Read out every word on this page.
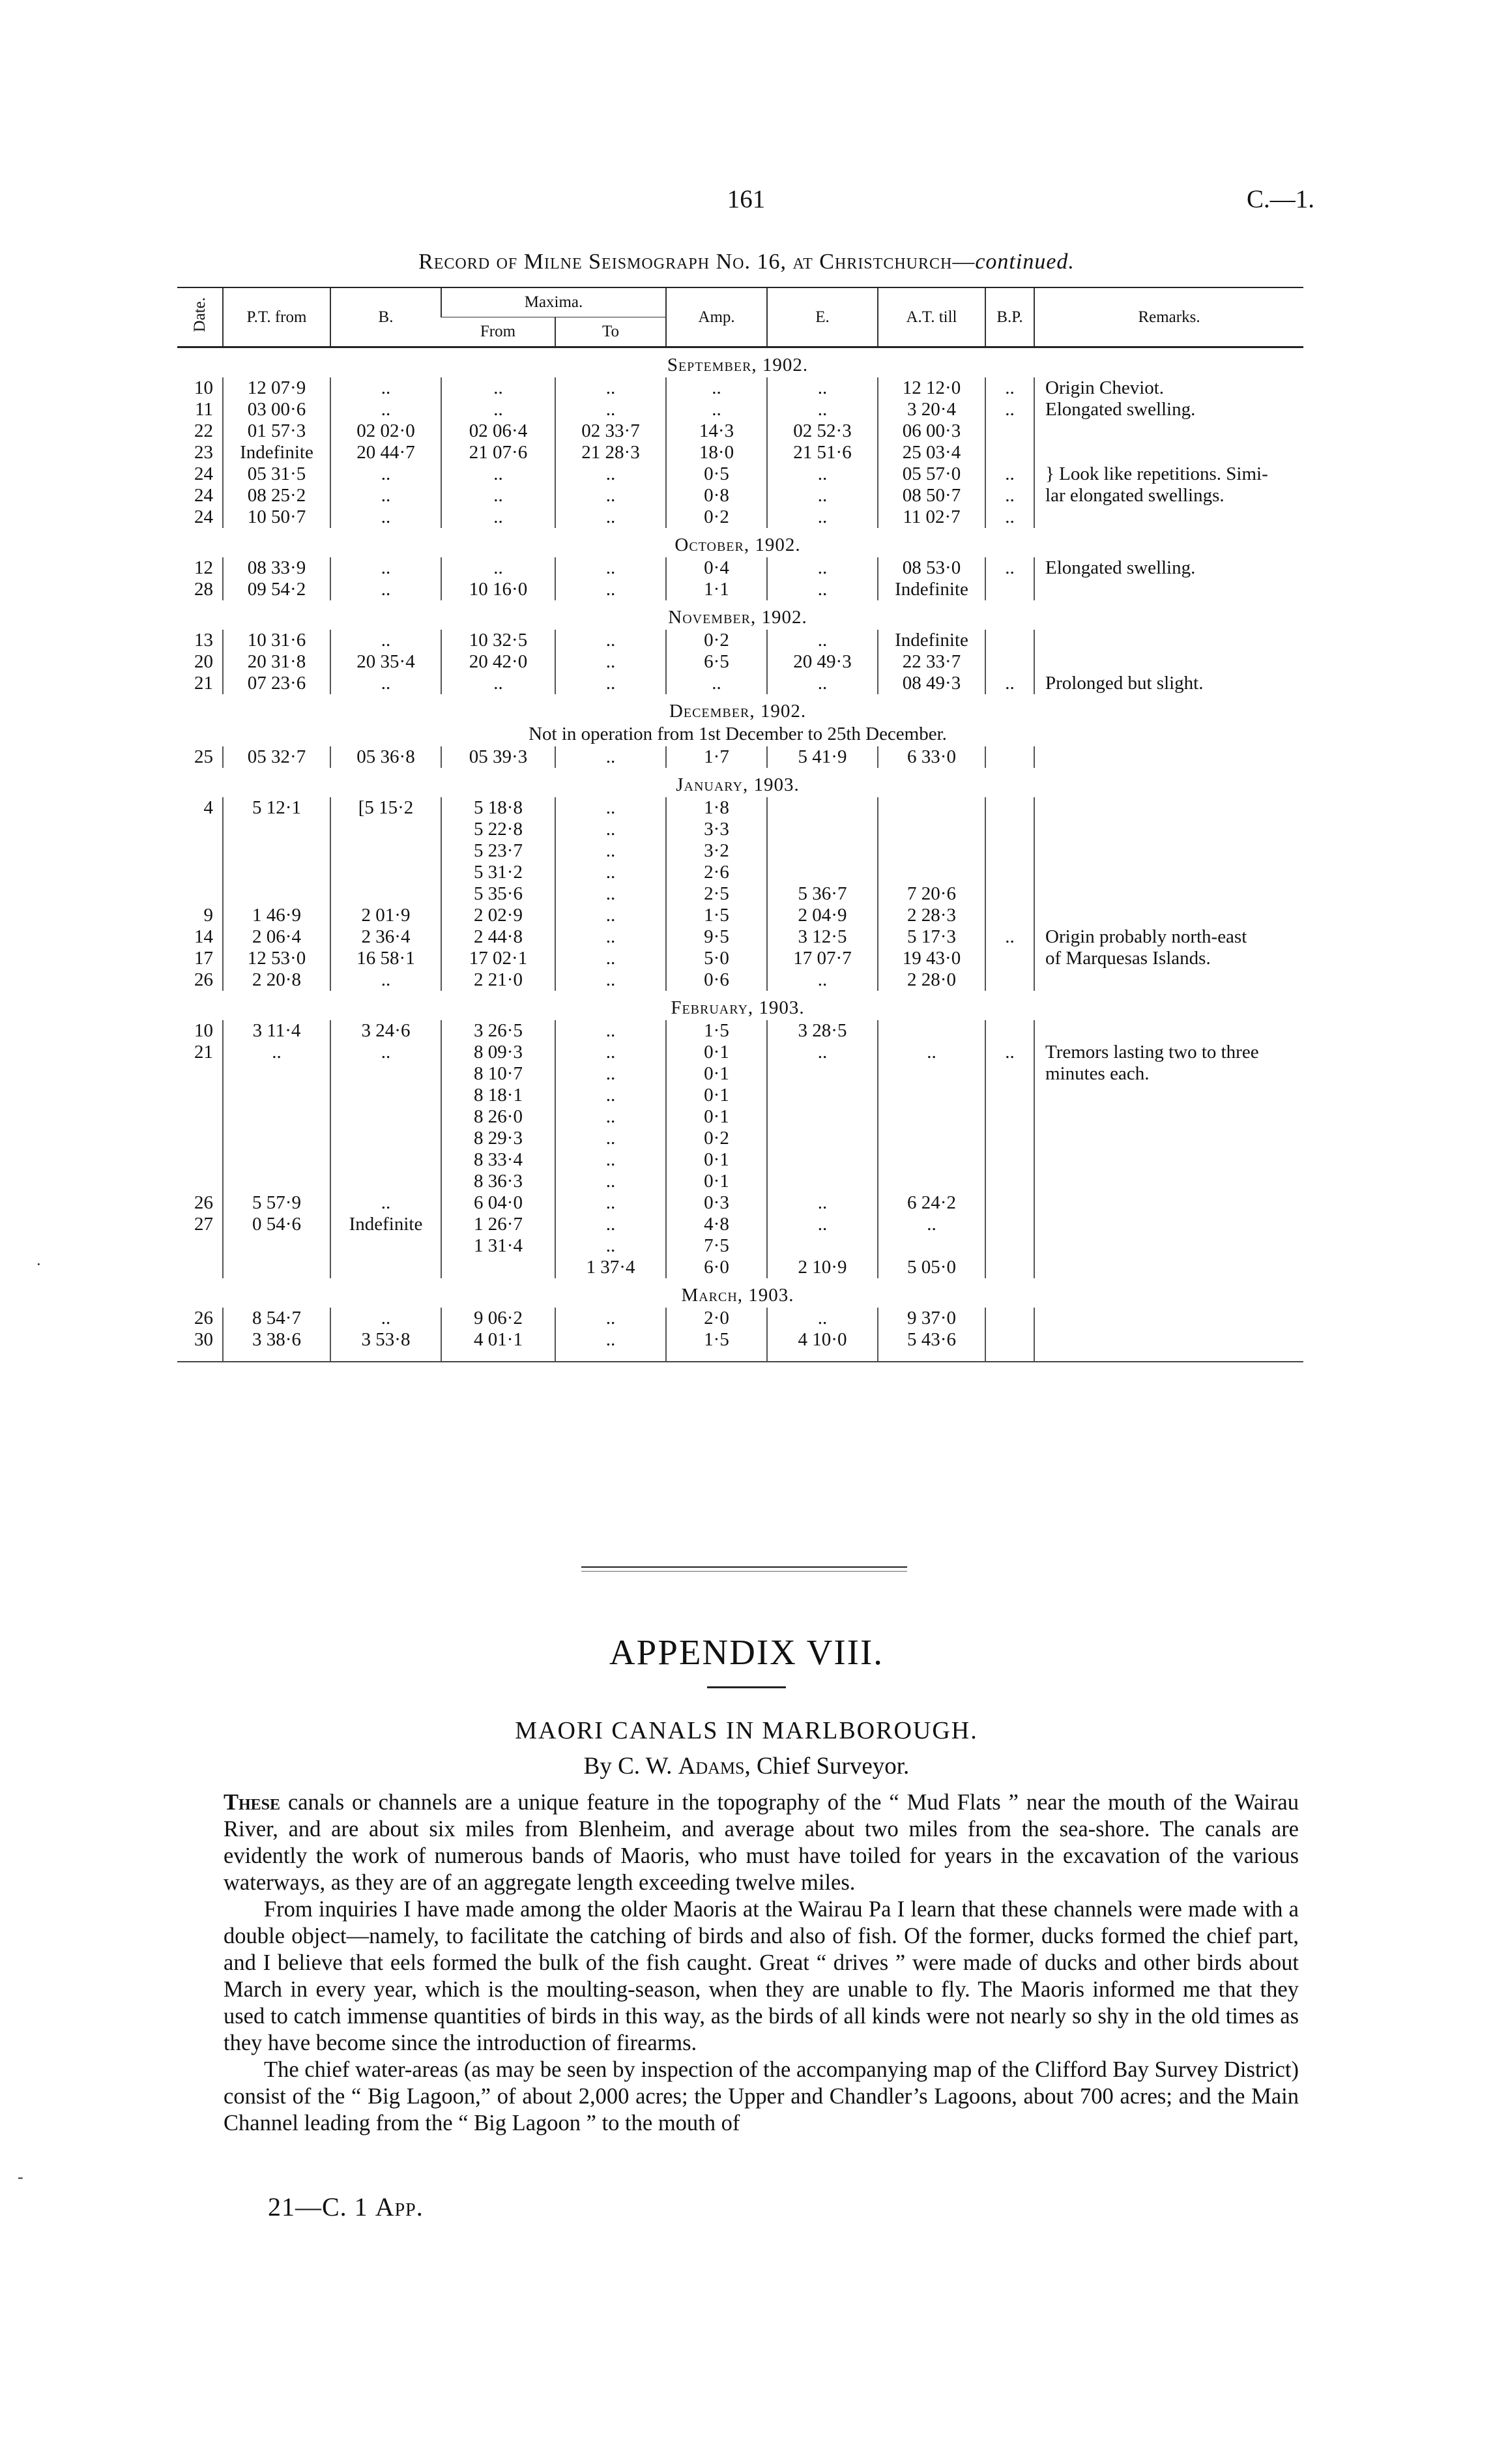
161	C.—1.
Record of Milne Seismograph No. 16, at Christchurch—continued.
Date.	P.T. from	B.	Maxima.		Amp.	E.	A.T. till	B.P.	Remarks.
			From	To					
September, 1902.									
10	12 07·9	..	..	..	..	..	12 12·0	..	Origin Cheviot.
11	03 00·6	..	..	..	..	..	3 20·4	..	Elongated swelling.
22	01 57·3	02 02·0	02 06·4	02 33·7	14·3	02 52·3	06 00·3		
23	Indefinite	20 44·7	21 07·6	21 28·3	18·0	21 51·6	25 03·4		
24	05 31·5	..	..	..	0·5	..	05 57·0	..	} Look like repetitions. Simi-
24	08 25·2	..	..	..	0·8	..	08 50·7	..	lar elongated swellings.
24	10 50·7	..	..	..	0·2	..	11 02·7	..	
October, 1902.									
12	08 33·9	..	..	..	0·4	..	08 53·0	..	Elongated swelling.
28	09 54·2	..	10 16·0	..	1·1	..	Indefinite		
November, 1902.									
13	10 31·6	..	10 32·5	..	0·2	..	Indefinite		
20	20 31·8	20 35·4	20 42·0	..	6·5	20 49·3	22 33·7		
21	07 23·6	..	..	..	..	..	08 49·3	..	Prolonged but slight.
December, 1902.									
Not in operation from 1st December to 25th December.									
25	05 32·7	05 36·8	05 39·3	..	1·7	5 41·9	6 33·0		
January, 1903.									
4	5 12·1	[5 15·2	5 18·8	..	1·8				
			5 22·8	..	3·3				
			5 23·7	..	3·2				
			5 31·2	..	2·6				
			5 35·6	..	2·5	5 36·7	7 20·6		
9	1 46·9	2 01·9	2 02·9	..	1·5	2 04·9	2 28·3		
14	2 06·4	2 36·4	2 44·8	..	9·5	3 12·5	5 17·3	..	Origin probably north-east
17	12 53·0	16 58·1	17 02·1	..	5·0	17 07·7	19 43·0		of Marquesas Islands.
26	2 20·8	..	2 21·0	..	0·6	..	2 28·0		
February, 1903.									
10	3 11·4	3 24·6	3 26·5	..	1·5	3 28·5			
21	..	..	8 09·3	..	0·1	..	..	..	Tremors lasting two to three
			8 10·7	..	0·1				minutes each.
			8 18·1	..	0·1				
			8 26·0	..	0·1				
			8 29·3	..	0·2				
			8 33·4	..	0·1				
			8 36·3	..	0·1				
26	5 57·9	..	6 04·0	..	0·3	..	6 24·2		
27	0 54·6	Indefinite	1 26·7	..	4·8	..	..		
			1 31·4	..	7·5				
				1 37·4	6·0	2 10·9	5 05·0		
March, 1903.									
26	8 54·7	..	9 06·2	..	2·0	..	9 37·0		
30	3 38·6	3 53·8	4 01·1	..	1·5	4 10·0	5 43·6		
APPENDIX VIII.
MAORI CANALS IN MARLBOROUGH.
By C. W. Adams, Chief Surveyor.

These canals or channels are a unique feature in the topography of the “ Mud Flats ” near the mouth of the Wairau River, and are about six miles from Blenheim, and average about two miles from the sea-shore. The canals are evidently the work of numerous bands of Maoris, who must have toiled for years in the excavation of the various waterways, as they are of an aggregate length exceeding twelve miles.

From inquiries I have made among the older Maoris at the Wairau Pa I learn that these channels were made with a double object—namely, to facilitate the catching of birds and also of fish. Of the former, ducks formed the chief part, and I believe that eels formed the bulk of the fish caught. Great “ drives ” were made of ducks and other birds about March in every year, which is the moulting-season, when they are unable to fly. The Maoris informed me that they used to catch immense quantities of birds in this way, as the birds of all kinds were not nearly so shy in the old times as they have become since the introduction of firearms.

The chief water-areas (as may be seen by inspection of the accompanying map of the Clifford Bay Survey District) consist of the “ Big Lagoon,” of about 2,000 acres; the Upper and Chandler’s Lagoons, about 700 acres; and the Main Channel leading from the “ Big Lagoon ” to the mouth of

21—C. 1 App.
·
-
